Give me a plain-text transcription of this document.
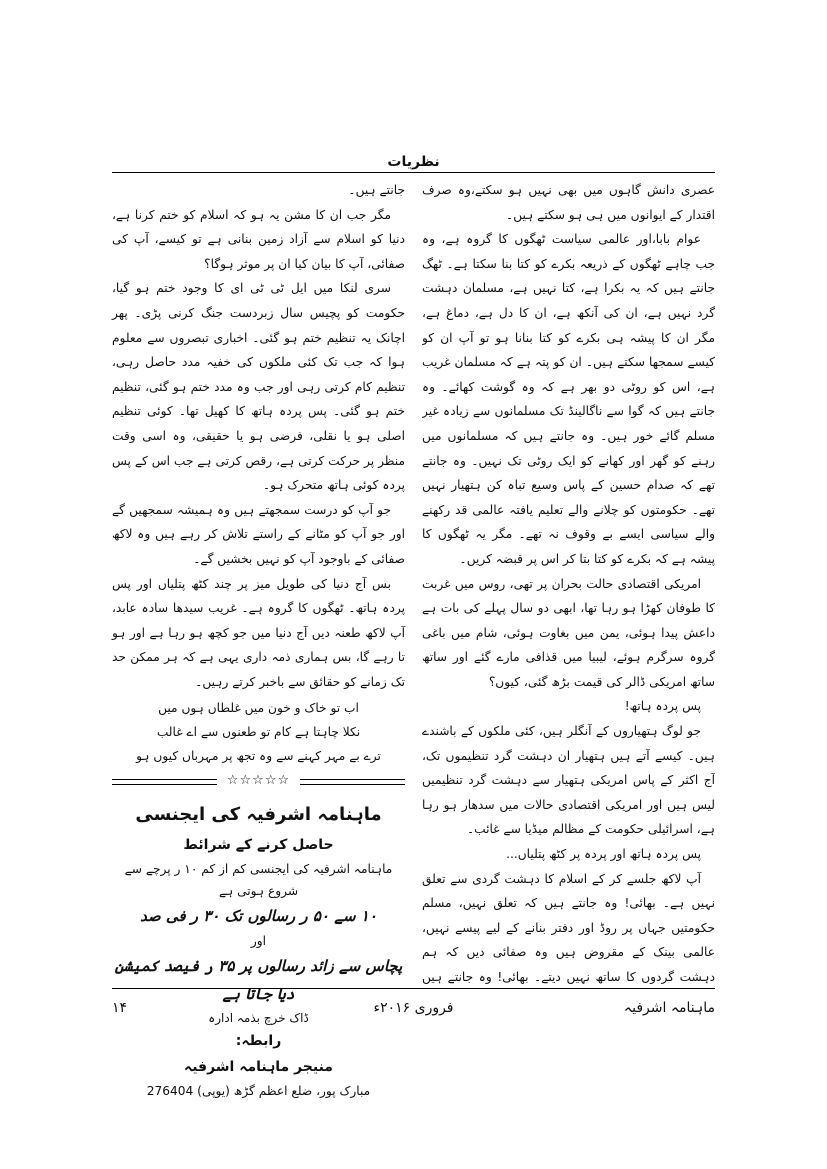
نظریات

عصری دانش گاہوں میں بھی نہیں ہو سکتے،وہ صرف اقتدار کے ایوانوں میں ہی ہو سکتے ہیں۔

عوام بابا،اور عالمی سیاست ٹھگوں کا گروہ ہے، وہ جب چاہے ٹھگوں کے ذریعہ بکرے کو کتا بنا سکتا ہے۔ ٹھگ جانتے ہیں کہ یہ بکرا ہے، کتا نہیں ہے، مسلمان دہشت گرد نہیں ہے، ان کی آنکھ ہے، ان کا دل ہے، دماغ ہے، مگر ان کا پیشہ ہی بکرے کو کتا بنانا ہو تو آپ ان کو کیسے سمجھا سکتے ہیں۔ ان کو پتہ ہے کہ مسلمان غریب ہے، اس کو روٹی دو بھر ہے کہ وہ گوشت کھائے۔ وہ جانتے ہیں کہ گوا سے ناگالینڈ تک مسلمانوں سے زیادہ غیر مسلم گائے خور ہیں۔ وہ جانتے ہیں کہ مسلمانوں میں رہنے کو گھر اور کھانے کو ایک روٹی تک نہیں۔ وہ جانتے تھے کہ صدام حسین کے پاس وسیع تباہ کن ہتھیار نہیں تھے۔ حکومتوں کو چلانے والے تعلیم یافتہ عالمی قد رکھنے والے سیاسی ایسے بے وقوف نہ تھے۔ مگر یہ ٹھگوں کا پیشہ ہے کہ بکرے کو کتا بتا کر اس پر قبضہ کریں۔

امریکی اقتصادی حالت بحران پر تھی، روس میں غربت کا طوفان کھڑا ہو رہا تھا، ابھی دو سال پہلے کی بات ہے داعش پیدا ہوئی، یمن میں بغاوت ہوئی، شام میں باغی گروہ سرگرم ہوئے، لیبیا میں قذافی مارے گئے اور ساتھ ساتھ امریکی ڈالر کی قیمت بڑھ گئی، کیوں؟

پس پردہ ہاتھ!

جو لوگ ہتھیاروں کے آنگلر ہیں، کئی ملکوں کے باشندے ہیں۔ کیسے آتے ہیں ہتھیار ان دہشت گرد تنظیموں تک، آج اکثر کے پاس امریکی ہتھیار سے دہشت گرد تنظیمیں لیس ہیں اور امریکی اقتصادی حالات میں سدھار ہو رہا ہے، اسرائیلی حکومت کے مظالم میڈیا سے غائب۔

پس پردہ ہاتھ اور پردہ پر کٹھ پتلیاں...

آپ لاکھ جلسے کر کے اسلام کا دہشت گردی سے تعلق نہیں ہے۔ بھائی! وہ جانتے ہیں کہ تعلق نہیں، مسلم حکومتیں جہاں پر روڈ اور دفتر بنانے کے لیے پیسے نہیں، عالمی بینک کے مقروض ہیں وہ صفائی دیں کہ ہم دہشت گردوں کا ساتھ نہیں دیتے۔ بھائی! وہ جانتے ہیں

جانتے ہیں۔

مگر جب ان کا مشن یہ ہو کہ اسلام کو ختم کرنا ہے، دنیا کو اسلام سے آزاد زمین بنانی ہے تو کیسے، آپ کی صفائی، آپ کا بیان کیا ان پر موثر ہوگا؟

سری لنکا میں ایل ٹی ٹی ای کا وجود ختم ہو گیا، حکومت کو پچیس سال زبردست جنگ کرنی پڑی۔ پھر اچانک یہ تنظیم ختم ہو گئی۔ اخباری تبصروں سے معلوم ہوا کہ جب تک کئی ملکوں کی خفیہ مدد حاصل رہی، تنظیم کام کرتی رہی اور جب وہ مدد ختم ہو گئی، تنظیم ختم ہو گئی۔ پس پردہ ہاتھ کا کھیل تھا۔ کوئی تنظیم اصلی ہو یا نقلی، فرضی ہو یا حقیقی، وہ اسی وقت منظر پر حرکت کرتی ہے، رقص کرتی ہے جب اس کے پس پردہ کوئی ہاتھ متحرک ہو۔

جو آپ کو درست سمجھتے ہیں وہ ہمیشہ سمجھیں گے اور جو آپ کو مٹانے کے راستے تلاش کر رہے ہیں وہ لاکھ صفائی کے باوجود آپ کو نہیں بخشیں گے۔

بس آج دنیا کی طویل میز پر چند کٹھ پتلیاں اور پس پردہ ہاتھ۔ ٹھگوں کا گروہ ہے۔ غریب سیدھا سادہ عابد، آپ لاکھ طعنہ دیں آج دنیا میں جو کچھ ہو رہا ہے اور ہو تا رہے گا، بس ہماری ذمہ داری یہی ہے کہ ہر ممکن حد تک زمانے کو حقائق سے باخبر کرتے رہیں۔

اب تو خاک و خون میں غلطاں ہوں میں
نکلا چاہتا ہے کام تو طعنوں سے اے غالب
ترے بے مہر کہنے سے وہ تجھ پر مہرباں کیوں ہو
☆☆☆☆☆
ماہنامہ اشرفیہ کی ایجنسی
حاصل کرنے کے شرائط
ماہنامہ اشرفیہ کی ایجنسی کم از کم ۱۰ ر پرچے سے شروع ہوتی ہے
۱۰ سے ۵۰ ر رسالوں تک ۳۰ ر فی صد
اور
پچاس سے زائد رسالوں پر ۳۵ ر فیصد کمیشن دیا جاتا ہے
ڈاک خرچ بذمہ ادارہ
رابطہ:
منیجر ماہنامہ اشرفیہ
مبارک پور، ضلع اعظم گڑھ (یوپی) 276404
ماہنامہ اشرفیہ
فروری ۲۰۱۶ء
۱۴
